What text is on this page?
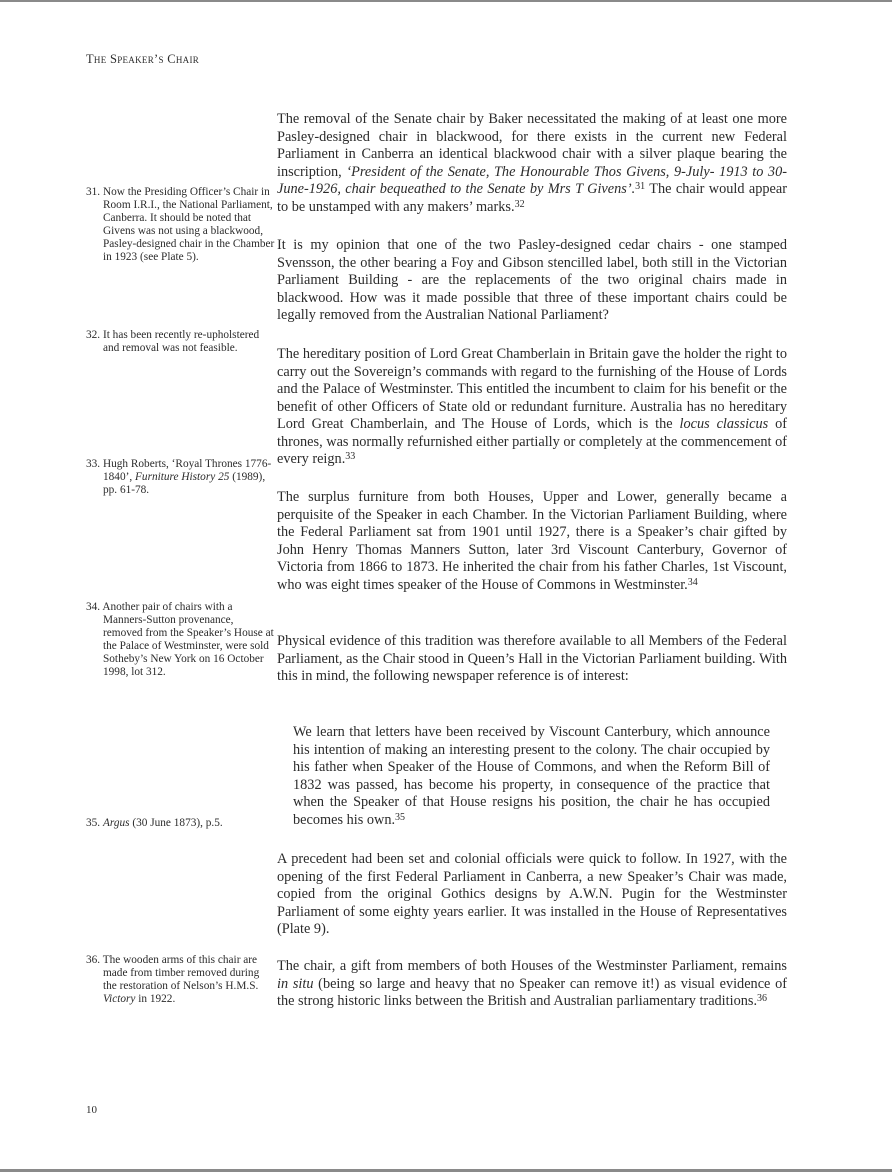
The Speaker’s Chair

The removal of the Senate chair by Baker necessitated the making of at least one more Pasley-designed chair in blackwood, for there exists in the current new Federal Parliament in Canberra an identical blackwood chair with a silver plaque bearing the inscription, ‘President of the Senate, The Honourable Thos Givens, 9-July- 1913 to 30-June-1926, chair bequeathed to the Senate by Mrs T Givens’.$^{31}$ The chair would appear to be unstamped with any makers’ marks.$^{32}$

It is my opinion that one of the two Pasley-designed cedar chairs - one stamped Svensson, the other bearing a Foy and Gibson stencilled label, both still in the Victorian Parliament Building - are the replacements of the two original chairs made in blackwood. How was it made possible that three of these important chairs could be legally removed from the Australian National Parliament?

The hereditary position of Lord Great Chamberlain in Britain gave the holder the right to carry out the Sovereign’s commands with regard to the furnishing of the House of Lords and the Palace of Westminster. This entitled the incumbent to claim for his benefit or the benefit of other Officers of State old or redundant furniture. Australia has no hereditary Lord Great Chamberlain, and The House of Lords, which is the locus classicus of thrones, was normally refurnished either partially or completely at the commencement of every reign.$^{33}$

The surplus furniture from both Houses, Upper and Lower, generally became a perquisite of the Speaker in each Chamber. In the Victorian Parliament Building, where the Federal Parliament sat from 1901 until 1927, there is a Speaker’s chair gifted by John Henry Thomas Manners Sutton, later 3rd Viscount Canterbury, Governor of Victoria from 1866 to 1873. He inherited the chair from his father Charles, 1st Viscount, who was eight times speaker of the House of Commons in Westminster.$^{34}$

Physical evidence of this tradition was therefore available to all Members of the Federal Parliament, as the Chair stood in Queen’s Hall in the Victorian Parliament building. With this in mind, the following newspaper reference is of interest:

We learn that letters have been received by Viscount Canterbury, which announce his intention of making an interesting present to the colony. The chair occupied by his father when Speaker of the House of Commons, and when the Reform Bill of 1832 was passed, has become his property, in consequence of the practice that when the Speaker of that House resigns his position, the chair he has occupied becomes his own.$^{35}$

A precedent had been set and colonial officials were quick to follow. In 1927, with the opening of the first Federal Parliament in Canberra, a new Speaker’s Chair was made, copied from the original Gothics designs by A.W.N. Pugin for the Westminster Parliament of some eighty years earlier. It was installed in the House of Representatives (Plate 9).

The chair, a gift from members of both Houses of the Westminster Parliament, remains in situ (being so large and heavy that no Speaker can remove it!) as visual evidence of the strong historic links between the British and Australian parliamentary traditions.$^{36}$

31. Now the Presiding Officer’s Chair in Room I.R.I., the National Parliament, Canberra. It should be noted that Givens was not using a blackwood, Pasley-designed chair in the Chamber in 1923 (see Plate 5).

32. It has been recently re-upholstered and removal was not feasible.

33. Hugh Roberts, ‘Royal Thrones 1776-1840’, Furniture History 25 (1989), pp. 61-78.

34. Another pair of chairs with a Manners-Sutton provenance, removed from the Speaker’s House at the Palace of Westminster, were sold Sotheby’s New York on 16 October 1998, lot 312.

35. Argus (30 June 1873), p.5.

36. The wooden arms of this chair are made from timber removed during the restoration of Nelson’s H.M.S. Victory in 1922.

10
